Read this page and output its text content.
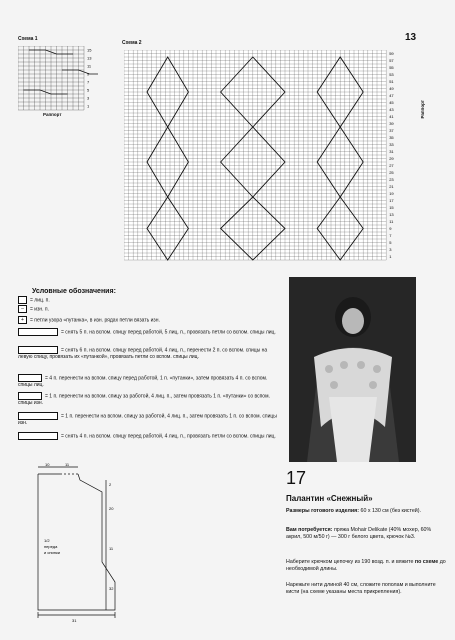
13
Схема 1
15
13
11
9
7
5
3
1
Раппорт
Схема 2
59
57
55
53
51
49
47
45
43
41
39
37
35
33
31
29
27
25
23
21
19
17
15
13
11
9
7
5
3
1
Раппорт
Условные обозначения:
= лиц. п.
– = изн. п.
+ = петли узора «путанка», в изн. рядах петли вязать изн.
= снять 5 п. на вспом. спицу перед работой, 5 лиц. п., провязать петли со вспом. спицы лиц.
= снять 6 п. на вспом. спицу перед работой, 4 лиц. п., перенести 2 п. со вспом. спицы на левую спицу, провязать их «путанкой», провязать петли со вспом. спицы лиц.
= 4 п. перенести на вспом. спицу перед работой, 1 п. «путанки», затем провязать 4 п. со вспом. спицы лиц.
= 1 п. перенести на вспом. спицу за работой, 4 лиц. п., затем провязать 1 п. «путанки» со вспом. спицы изн.
= 1 п. перенести на вспом. спицу за работой, 4 лиц. п., затем провязать 1 п. со вспом. спицы изн.
= снять 4 п. на вспом. спицу перед работой, 4 лиц. п., провязать петли со вспом. спицы лиц.
10	11
2
20
11
32
1/2
переда
и спинки
31
17
Палантин «Снежный»
Размеры готового изделия: 60 х 130 см (без кистей).
Вам потребуется: пряжа Mohair Delikate (40% мохер, 60% акрил, 500 м/50 г) — 300 г белого цвета, крючок №3.
Наберите крючком цепочку из 190 возд. п. и вяжите по схеме до необходимой длины.
Нарежьте нити длиной 40 см, сложите пополам и выполните кисти (на схеме указаны места прикрепления).
